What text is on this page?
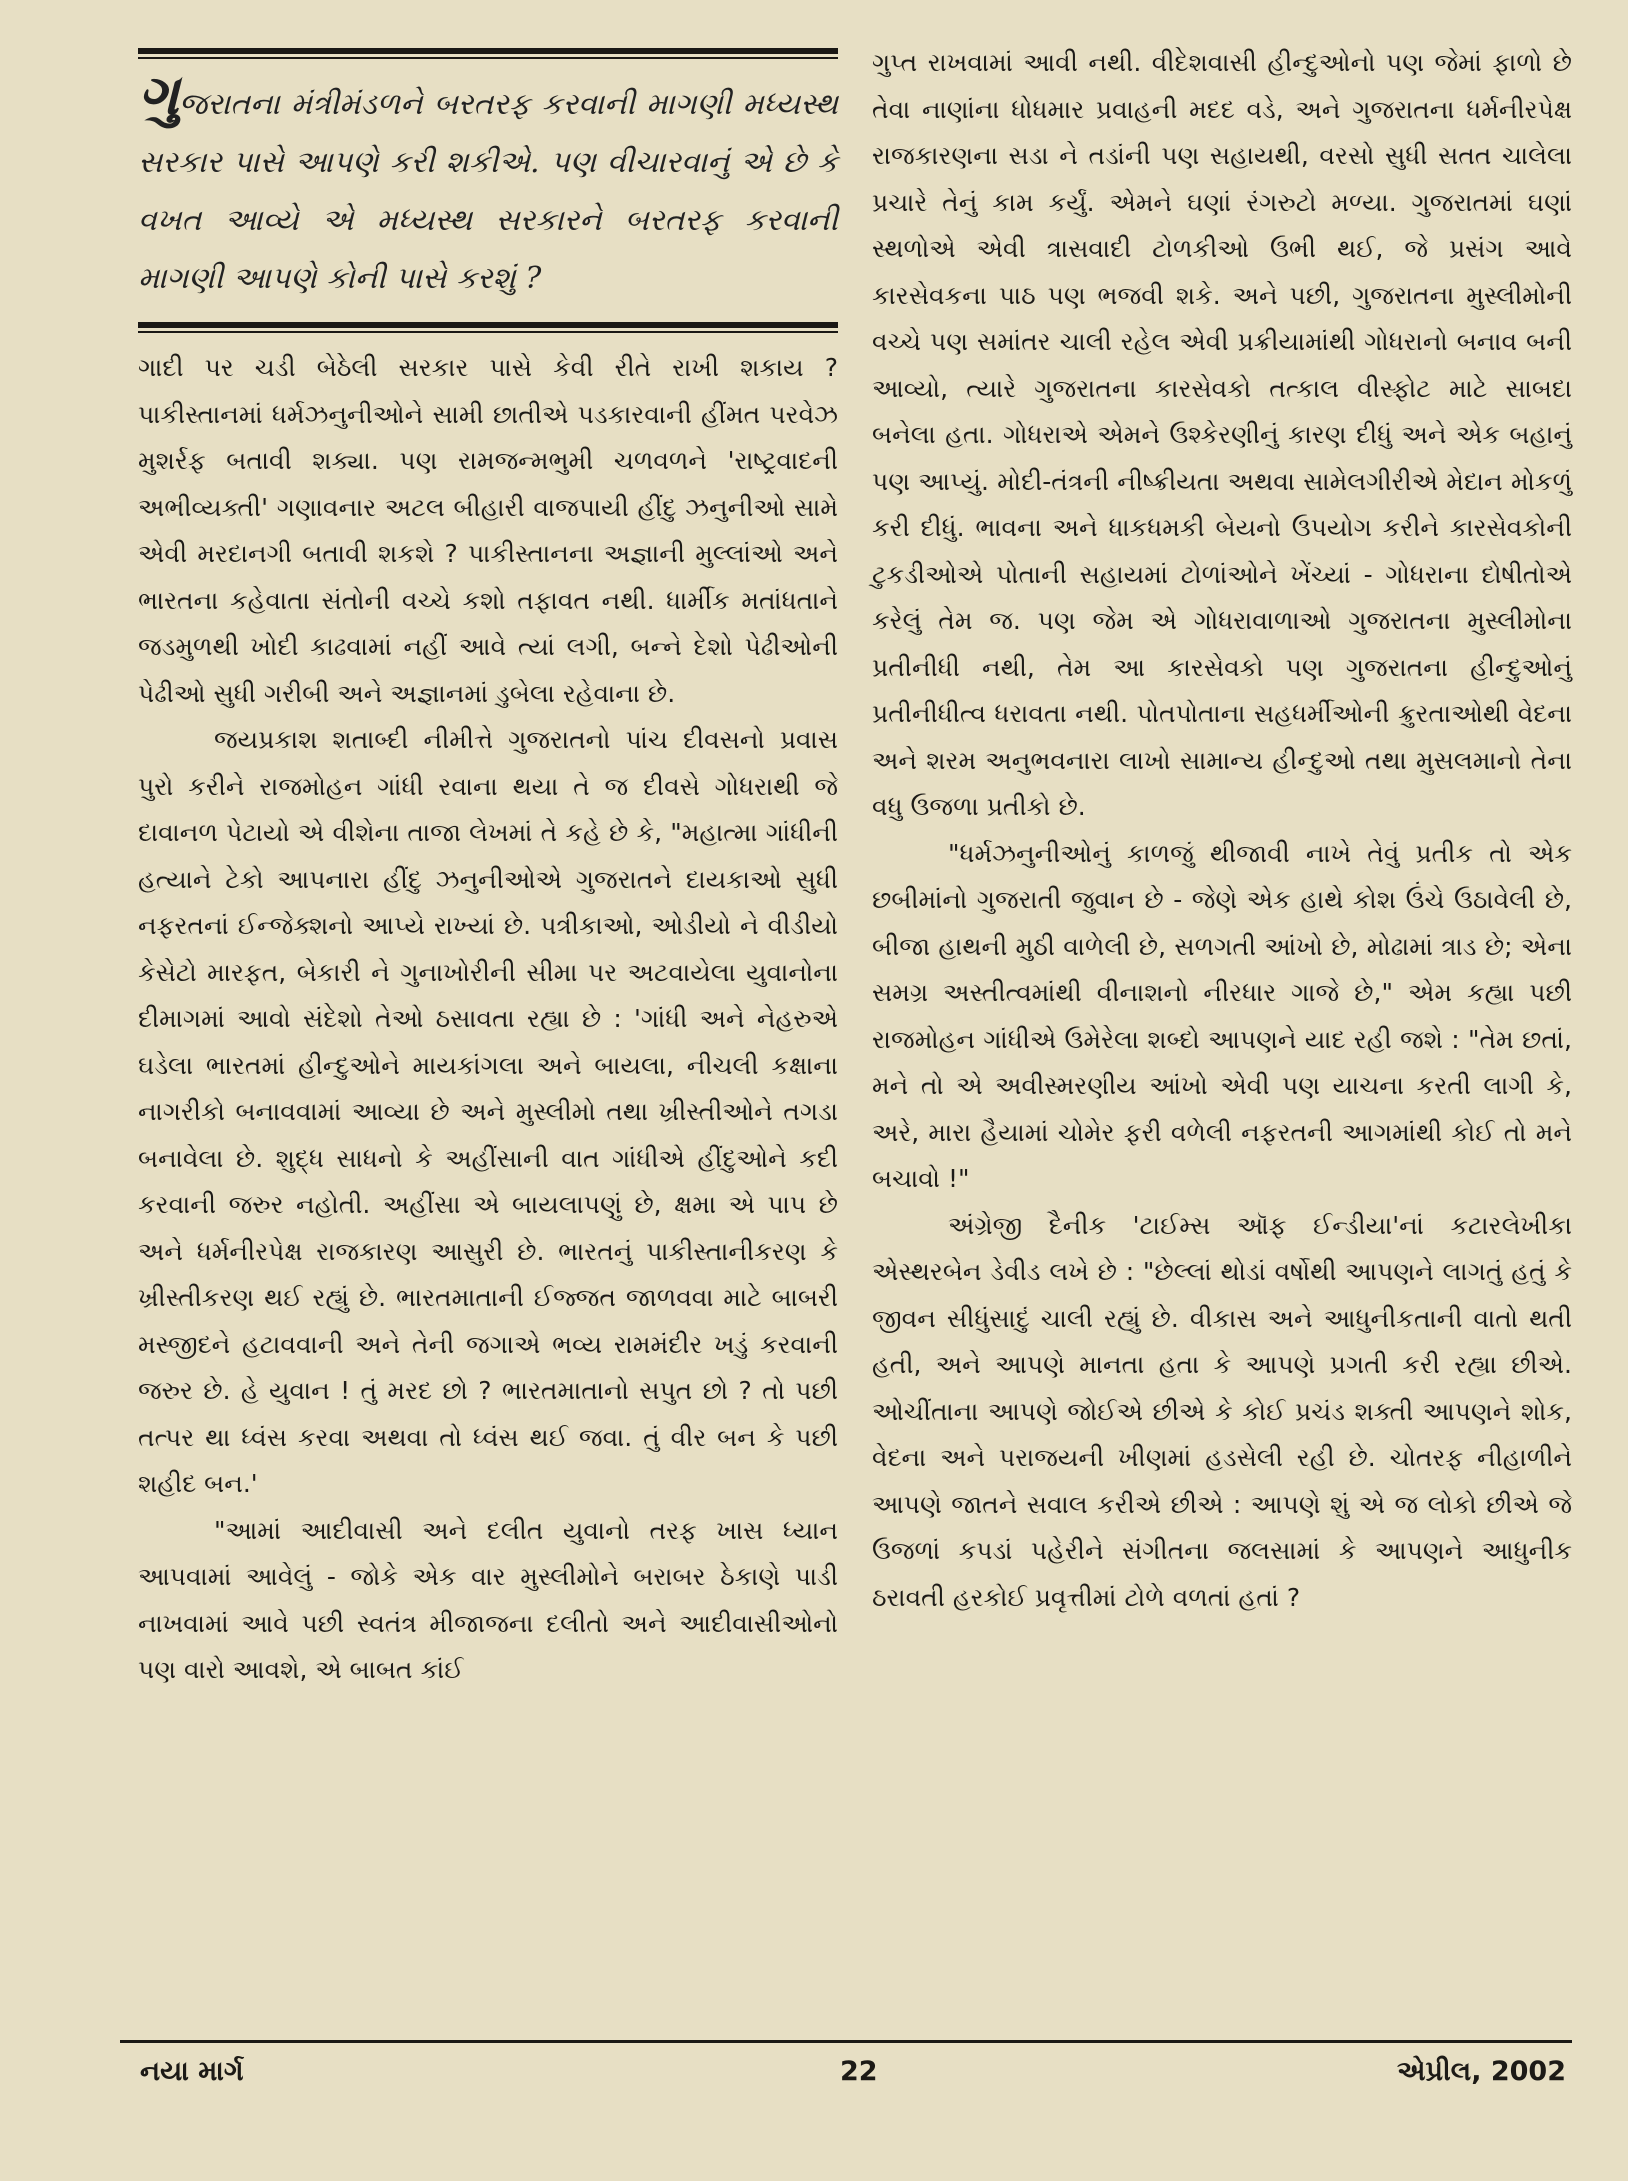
ગુજરાતના મંત્રીમંડળને બરતરફ કરવાની માગણી મધ્યસ્થ સરકાર પાસે આપણે કરી શકીએ. પણ વીચારવાનું એ છે કે વખત આવ્યે એ મધ્યસ્થ સરકારને બરતરફ કરવાની માગણી આપણે કોની પાસે કરશું ?

ગાદી પર ચડી બેઠેલી સરકાર પાસે કેવી રીતે રાખી શકાય ? પાકીસ્તાનમાં ધર્મઝનુનીઓને સામી છાતીએ પડકારવાની હીંમત પરવેઝ મુશર્રફ બતાવી શક્યા. પણ રામજન્મભુમી ચળવળને 'રાષ્ટ્રવાદની અભીવ્યક્તી' ગણાવનાર અટલ બીહારી વાજપાયી હીંદુ ઝનુનીઓ સામે એવી મરદાનગી બતાવી શકશે ? પાકીસ્તાનના અજ્ઞાની મુલ્લાંઓ અને ભારતના કહેવાતા સંતોની વચ્ચે કશો તફાવત નથી. ધાર્મીક મતાંધતાને જડમુળથી ખોદી કાઢવામાં નહીં આવે ત્યાં લગી, બન્ને દેશો પેઢીઓની પેઢીઓ સુધી ગરીબી અને અજ્ઞાનમાં ડુબેલા રહેવાના છે.

જયપ્રકાશ શતાબ્દી નીમીત્તે ગુજરાતનો પાંચ દીવસનો પ્રવાસ પુરો કરીને રાજમોહન ગાંધી રવાના થયા તે જ દીવસે ગોધરાથી જે દાવાનળ પેટાયો એ વીશેના તાજા લેખમાં તે કહે છે કે, "મહાત્મા ગાંધીની હત્યાને ટેકો આપનારા હીંદુ ઝનુનીઓએ ગુજરાતને દાયકાઓ સુધી નફરતનાં ઈન્જેક્શનો આપ્યે રાખ્યાં છે. પત્રીકાઓ, ઓડીયો ને વીડીયો કેસેટો મારફત, બેકારી ને ગુનાખોરીની સીમા પર અટવાયેલા યુવાનોના દીમાગમાં આવો સંદેશો તેઓ ઠસાવતા રહ્યા છે : 'ગાંધી અને નેહરુએ ઘડેલા ભારતમાં હીન્દુઓને માયકાંગલા અને બાયલા, નીચલી કક્ષાના નાગરીકો બનાવવામાં આવ્યા છે અને મુસ્લીમો તથા ખ્રીસ્તીઓને તગડા બનાવેલા છે. શુદ્ધ સાધનો કે અહીંસાની વાત ગાંધીએ હીંદુઓને કદી કરવાની જરુર નહોતી. અહીંસા એ બાયલાપણું છે, ક્ષમા એ પાપ છે અને ધર્મનીરપેક્ષ રાજકારણ આસુરી છે. ભારતનું પાકીસ્તાનીકરણ કે ખ્રીસ્તીકરણ થઈ રહ્યું છે. ભારતમાતાની ઈજ્જત જાળવવા માટે બાબરી મસ્જીદને હટાવવાની અને તેની જગાએ ભવ્ય રામમંદીર ખડું કરવાની જરુર છે. હે યુવાન ! તું મરદ છો ? ભારતમાતાનો સપુત છો ? તો પછી તત્પર થા ધ્વંસ કરવા અથવા તો ધ્વંસ થઈ જવા. તું વીર બન કે પછી શહીદ બન.'

"આમાં આદીવાસી અને દલીત યુવાનો તરફ ખાસ ધ્યાન આપવામાં આવેલું - જોકે એક વાર મુસ્લીમોને બરાબર ઠેકાણે પાડી નાખવામાં આવે પછી સ્વતંત્ર મીજાજના દલીતો અને આદીવાસીઓનો પણ વારો આવશે, એ બાબત કાંઈ

ગુપ્ત રાખવામાં આવી નથી. વીદેશવાસી હીન્દુઓનો પણ જેમાં ફાળો છે તેવા નાણાંના ધોધમાર પ્રવાહની મદદ વડે, અને ગુજરાતના ધર્મનીરપેક્ષ રાજકારણના સડા ને તડાંની પણ સહાયથી, વરસો સુધી સતત ચાલેલા પ્રચારે તેનું કામ કર્યું. એમને ઘણાં રંગરુટો મળ્યા. ગુજરાતમાં ઘણાં સ્થળોએ એવી ત્રાસવાદી ટોળકીઓ ઉભી થઈ, જે પ્રસંગ આવે કારસેવકના પાઠ પણ ભજવી શકે. અને પછી, ગુજરાતના મુસ્લીમોની વચ્ચે પણ સમાંતર ચાલી રહેલ એવી પ્રક્રીયામાંથી ગોધરાનો બનાવ બની આવ્યો, ત્યારે ગુજરાતના કારસેવકો તત્કાલ વીસ્ફોટ માટે સાબદા બનેલા હતા. ગોધરાએ એમને ઉશ્કેરણીનું કારણ દીધું અને એક બહાનું પણ આપ્યું. મોદી-તંત્રની નીષ્ક્રીયતા અથવા સામેલગીરીએ મેદાન મોકળું કરી દીધું. ભાવના અને ધાકધમકી બેયનો ઉપયોગ કરીને કારસેવકોની ટુકડીઓએ પોતાની સહાયમાં ટોળાંઓને ખેંચ્યાં - ગોધરાના દોષીતોએ કરેલું તેમ જ. પણ જેમ એ ગોધરાવાળાઓ ગુજરાતના મુસ્લીમોના પ્રતીનીધી નથી, તેમ આ કારસેવકો પણ ગુજરાતના હીન્દુઓનું પ્રતીનીધીત્વ ધરાવતા નથી. પોતપોતાના સહધર્મીઓની ક્રુરતાઓથી વેદના અને શરમ અનુભવનારા લાખો સામાન્ય હીન્દુઓ તથા મુસલમાનો તેના વધુ ઉજળા પ્રતીકો છે.

"ધર્મઝનુનીઓનું કાળજું થીજાવી નાખે તેવું પ્રતીક તો એક છબીમાંનો ગુજરાતી જુવાન છે - જેણે એક હાથે કોશ ઉંચે ઉઠાવેલી છે, બીજા હાથની મુઠી વાળેલી છે, સળગતી આંખો છે, મોઢામાં ત્રાડ છે; એના સમગ્ર અસ્તીત્વમાંથી વીનાશનો નીરધાર ગાજે છે," એમ કહ્યા પછી રાજમોહન ગાંધીએ ઉમેરેલા શબ્દો આપણને યાદ રહી જશે : "તેમ છતાં, મને તો એ અવીસ્મરણીય આંખો એવી પણ યાચના કરતી લાગી કે, અરે, મારા હૈયામાં ચોમેર ફરી વળેલી નફરતની આગમાંથી કોઈ તો મને બચાવો !"

અંગ્રેજી દૈનીક 'ટાઈમ્સ ઑફ ઈન્ડીયા'નાં કટારલેખીકા એસ્થરબેન ડેવીડ લખે છે : "છેલ્લાં થોડાં વર્ષોથી આપણને લાગતું હતું કે જીવન સીધુંસાદું ચાલી રહ્યું છે. વીકાસ અને આધુનીકતાની વાતો થતી હતી, અને આપણે માનતા હતા કે આપણે પ્રગતી કરી રહ્યા છીએ. ઓચીંતાના આપણે જોઈએ છીએ કે કોઈ પ્રચંડ શક્તી આપણને શોક, વેદના અને પરાજયની ખીણમાં હડસેલી રહી છે. ચોતરફ નીહાળીને આપણે જાતને સવાલ કરીએ છીએ : આપણે શું એ જ લોકો છીએ જે ઉજળાં કપડાં પહેરીને સંગીતના જલસામાં કે આપણને આધુનીક ઠરાવતી હરકોઈ પ્રવૃત્તીમાં ટોળે વળતાં હતાં ?

નયા માર્ગ	22	એપ્રીલ, 2002
